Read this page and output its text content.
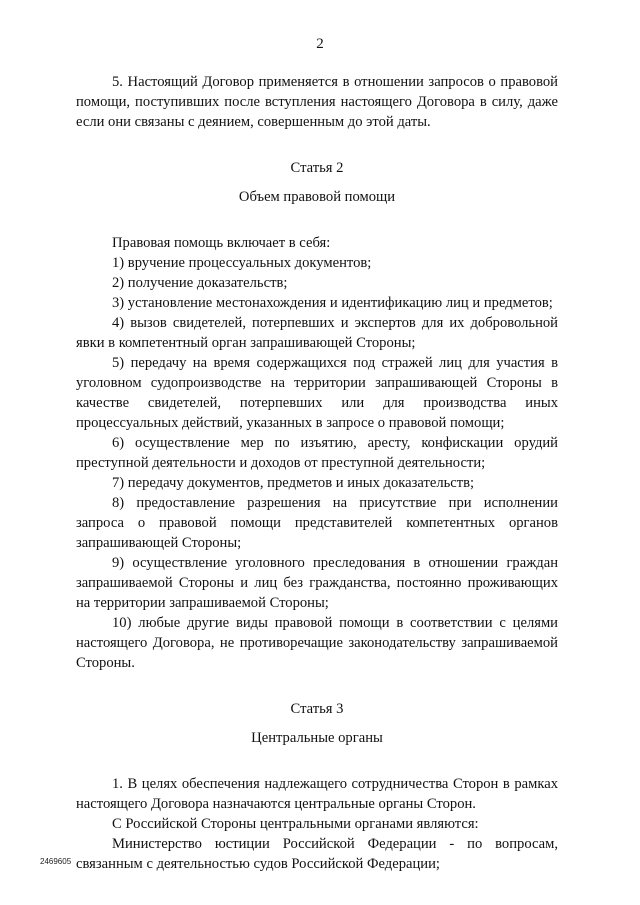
2

5. Настоящий Договор применяется в отношении запросов о правовой помощи, поступивших после вступления настоящего Договора в силу, даже если они связаны с деянием, совершенным до этой даты.

Статья 2

Объем правовой помощи

Правовая помощь включает в себя:

1) вручение процессуальных документов;

2) получение доказательств;

3) установление местонахождения и идентификацию лиц и предметов;

4) вызов свидетелей, потерпевших и экспертов для их добровольной явки в компетентный орган запрашивающей Стороны;

5) передачу на время содержащихся под стражей лиц для участия в уголовном судопроизводстве на территории запрашивающей Стороны в качестве свидетелей, потерпевших или для производства иных процессуальных действий, указанных в запросе о правовой помощи;

6) осуществление мер по изъятию, аресту, конфискации орудий преступной деятельности и доходов от преступной деятельности;

7) передачу документов, предметов и иных доказательств;

8) предоставление разрешения на присутствие при исполнении запроса о правовой помощи представителей компетентных органов запрашивающей Стороны;

9) осуществление уголовного преследования в отношении граждан запрашиваемой Стороны и лиц без гражданства, постоянно проживающих на территории запрашиваемой Стороны;

10) любые другие виды правовой помощи в соответствии с целями настоящего Договора, не противоречащие законодательству запрашиваемой Стороны.

Статья 3

Центральные органы

1. В целях обеспечения надлежащего сотрудничества Сторон в рамках настоящего Договора назначаются центральные органы Сторон.

С Российской Стороны центральными органами являются:

Министерство юстиции Российской Федерации - по вопросам, связанным с деятельностью судов Российской Федерации;

2469605
